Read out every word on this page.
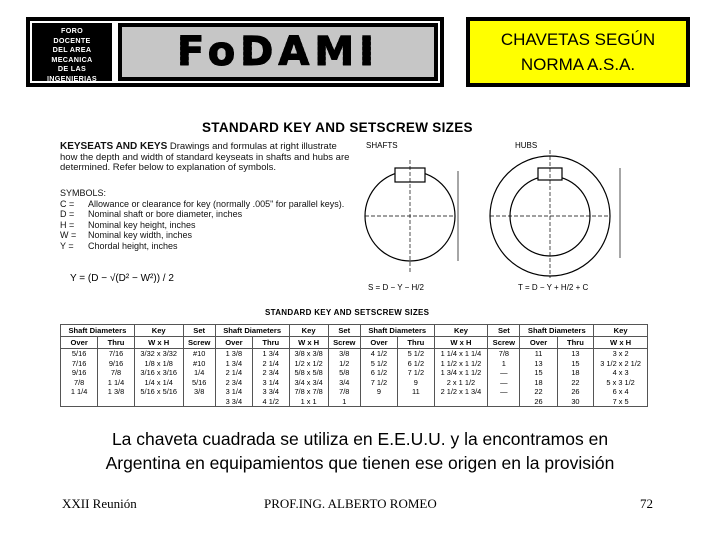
FORO
DOCENTE
DEL AREA
MECANICA
DE LAS
INGENIERIAS
FoDAMI	CHAVETAS SEGÚN
NORMA A.S.A.
STANDARD KEY AND SETSCREW SIZES
KEYSEATS AND KEYS Drawings and formulas at right illustrate how the depth and width of standard keyseats in shafts and hubs are determined. Refer below to explanation of symbols.
SYMBOLS:
C =	Allowance or clearance for key (normally .005" for parallel keys).
D =	Nominal shaft or bore diameter, inches
H =	Nominal key height, inches
W =	Nominal key width, inches
Y =	Chordal height, inches
Y = (D − √(D² − W²)) / 2
SHAFTS	HUBS
S = D − Y − H/2	T = D − Y + H/2 + C
STANDARD KEY AND SETSCREW SIZES
Shaft Diameters		Key	Set	Shaft Diameters		Key	Set	Shaft Diameters		Key	Set	Shaft Diameters		Key
Over	Thru	W x H	Screw	Over	Thru	W x H	Screw	Over	Thru	W x H	Screw	Over	Thru	W x H
5/16	7/16	3/32 x 3/32	#10	1 3/8	1 3/4	3/8 x 3/8	3/8	4 1/2	5 1/2	1 1/4 x 1 1/4	7/8	11	13	3 x 2
7/16	9/16	1/8 x 1/8	#10	1 3/4	2 1/4	1/2 x 1/2	1/2	5 1/2	6 1/2	1 1/2 x 1 1/2	1	13	15	3 1/2 x 2 1/2
9/16	7/8	3/16 x 3/16	1/4	2 1/4	2 3/4	5/8 x 5/8	5/8	6 1/2	7 1/2	1 3/4 x 1 1/2	—	15	18	4 x 3
7/8	1 1/4	1/4 x 1/4	5/16	2 3/4	3 1/4	3/4 x 3/4	3/4	7 1/2	9	2 x 1 1/2	—	18	22	5 x 3 1/2
1 1/4	1 3/8	5/16 x 5/16	3/8	3 1/4	3 3/4	7/8 x 7/8	7/8	9	11	2 1/2 x 1 3/4	—	22	26	6 x 4
				3 3/4	4 1/2	1 x 1	1					26	30	7 x 5
La chaveta cuadrada se utiliza en E.E.U.U. y la encontramos en
Argentina en equipamientos que tienen ese origen en la provisión
XXII Reunión	PROF.ING. ALBERTO ROMEO	72
